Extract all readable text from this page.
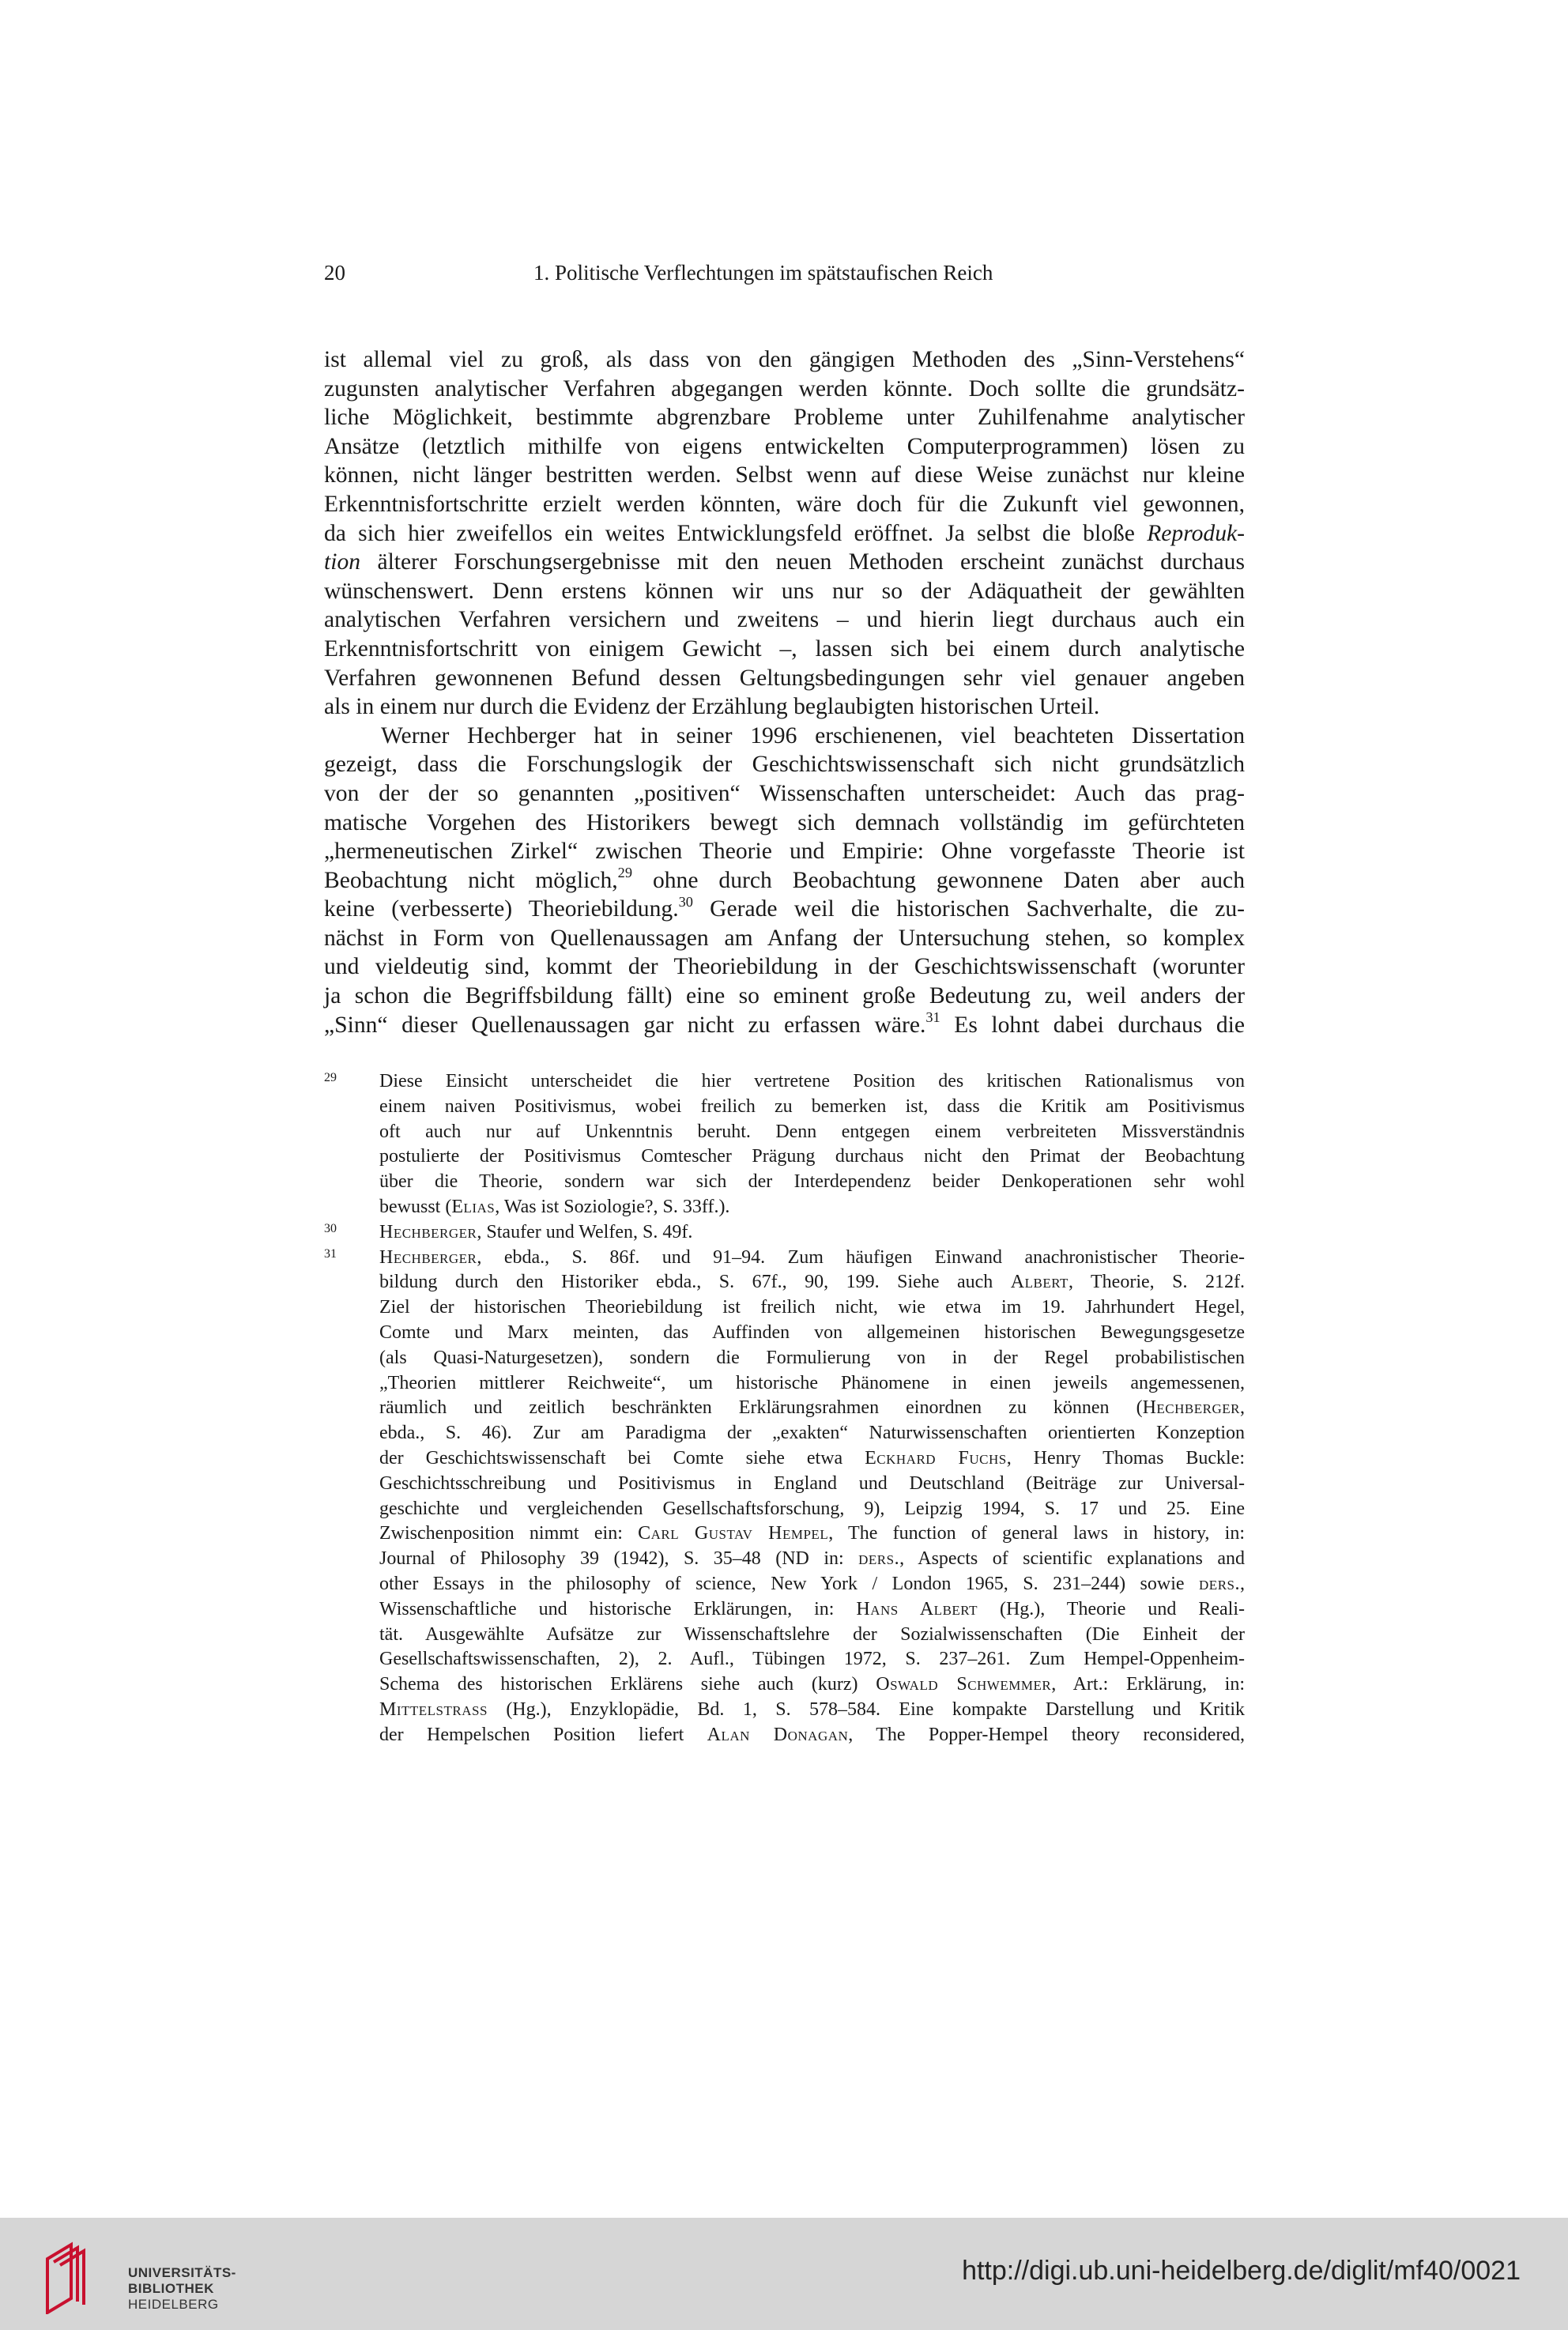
20	1. Politische Verflechtungen im spätstaufischen Reich

ist allemal viel zu groß, als dass von den gängigen Methoden des „Sinn-Verstehens“
zugunsten analytischer Verfahren abgegangen werden könnte. Doch sollte die grundsätz-
liche Möglichkeit, bestimmte abgrenzbare Probleme unter Zuhilfenahme analytischer
Ansätze (letztlich mithilfe von eigens entwickelten Computerprogrammen) lösen zu
können, nicht länger bestritten werden. Selbst wenn auf diese Weise zunächst nur kleine
Erkenntnisfortschritte erzielt werden könnten, wäre doch für die Zukunft viel gewonnen,
da sich hier zweifellos ein weites Entwicklungsfeld eröffnet. Ja selbst die bloße Reproduk-
tion älterer Forschungsergebnisse mit den neuen Methoden erscheint zunächst durchaus
wünschenswert. Denn erstens können wir uns nur so der Adäquatheit der gewählten
analytischen Verfahren versichern und zweitens – und hierin liegt durchaus auch ein
Erkenntnisfortschritt von einigem Gewicht –, lassen sich bei einem durch analytische
Verfahren gewonnenen Befund dessen Geltungsbedingungen sehr viel genauer angeben
als in einem nur durch die Evidenz der Erzählung beglaubigten historischen Urteil.

Werner Hechberger hat in seiner 1996 erschienenen, viel beachteten Dissertation
gezeigt, dass die Forschungslogik der Geschichtswissenschaft sich nicht grundsätzlich
von der der so genannten „positiven“ Wissenschaften unterscheidet: Auch das prag-
matische Vorgehen des Historikers bewegt sich demnach vollständig im gefürchteten
„hermeneutischen Zirkel“ zwischen Theorie und Empirie: Ohne vorgefasste Theorie ist
Beobachtung nicht möglich,$^{29}$ ohne durch Beobachtung gewonnene Daten aber auch
keine (verbesserte) Theoriebildung.$^{30}$ Gerade weil die historischen Sachverhalte, die zu-
nächst in Form von Quellenaussagen am Anfang der Untersuchung stehen, so komplex
und vieldeutig sind, kommt der Theoriebildung in der Geschichtswissenschaft (worunter
ja schon die Begriffsbildung fällt) eine so eminent große Bedeutung zu, weil anders der
„Sinn“ dieser Quellenaussagen gar nicht zu erfassen wäre.$^{31}$ Es lohnt dabei durchaus die

29 Diese Einsicht unterscheidet die hier vertretene Position des kritischen Rationalismus von
einem naiven Positivismus, wobei freilich zu bemerken ist, dass die Kritik am Positivismus
oft auch nur auf Unkenntnis beruht. Denn entgegen einem verbreiteten Missverständnis
postulierte der Positivismus Comtescher Prägung durchaus nicht den Primat der Beobachtung
über die Theorie, sondern war sich der Interdependenz beider Denkoperationen sehr wohl
bewusst (Elias, Was ist Soziologie?, S. 33ff.).
30 Hechberger, Staufer und Welfen, S. 49f.
31 Hechberger, ebda., S. 86f. und 91–94. Zum häufigen Einwand anachronistischer Theorie-
bildung durch den Historiker ebda., S. 67f., 90, 199. Siehe auch Albert, Theorie, S. 212f.
Ziel der historischen Theoriebildung ist freilich nicht, wie etwa im 19. Jahrhundert Hegel,
Comte und Marx meinten, das Auffinden von allgemeinen historischen Bewegungsgesetze
(als Quasi-Naturgesetzen), sondern die Formulierung von in der Regel probabilistischen
„Theorien mittlerer Reichweite“, um historische Phänomene in einen jeweils angemessenen,
räumlich und zeitlich beschränkten Erklärungsrahmen einordnen zu können (Hechberger,
ebda., S. 46). Zur am Paradigma der „exakten“ Naturwissenschaften orientierten Konzeption
der Geschichtswissenschaft bei Comte siehe etwa Eckhard Fuchs, Henry Thomas Buckle:
Geschichtsschreibung und Positivismus in England und Deutschland (Beiträge zur Universal-
geschichte und vergleichenden Gesellschaftsforschung, 9), Leipzig 1994, S. 17 und 25. Eine
Zwischenposition nimmt ein: Carl Gustav Hempel, The function of general laws in history, in:
Journal of Philosophy 39 (1942), S. 35–48 (ND in: ders., Aspects of scientific explanations and
other Essays in the philosophy of science, New York / London 1965, S. 231–244) sowie ders.,
Wissenschaftliche und historische Erklärungen, in: Hans Albert (Hg.), Theorie und Reali-
tät. Ausgewählte Aufsätze zur Wissenschaftslehre der Sozialwissenschaften (Die Einheit der
Gesellschaftswissenschaften, 2), 2. Aufl., Tübingen 1972, S. 237–261. Zum Hempel-Oppenheim-
Schema des historischen Erklärens siehe auch (kurz) Oswald Schwemmer, Art.: Erklärung, in:
Mittelstrass (Hg.), Enzyklopädie, Bd. 1, S. 578–584. Eine kompakte Darstellung und Kritik
der Hempelschen Position liefert Alan Donagan, The Popper-Hempel theory reconsidered,
UNIVERSITÄTS-
BIBLIOTHEK
HEIDELBERG
http://digi.ub.uni-heidelberg.de/diglit/mf40/0021
